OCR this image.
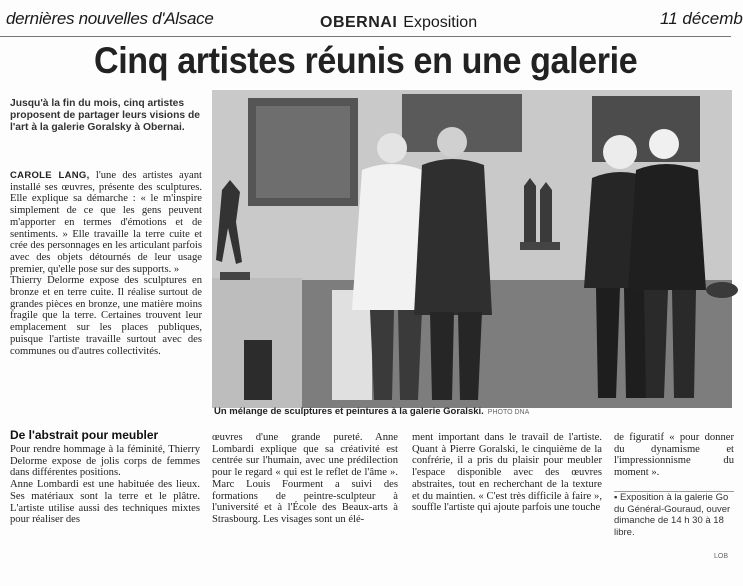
dernières nouvelles d'Alsace	OBERNAI Exposition	11 décemb
Cinq artistes réunis en une galerie
Jusqu'à la fin du mois, cinq artistes proposent de partager leurs visions de l'art à la galerie Goralsky à Obernai.

CAROLE LANG, l'une des artistes ayant installé ses œuvres, présente des sculptures. Elle explique sa démarche : « le m'inspire simplement de ce que les gens peuvent m'apporter en termes d'émotions et de sentiments. » Elle travaille la terre cuite et crée des personnages en les articulant parfois avec des objets détournés de leur usage premier, qu'elle pose sur des supports. »

Thierry Delorme expose des sculptures en bronze et en terre cuite. Il réalise surtout de grandes pièces en bronze, une matière moins fragile que la terre. Certaines trouvent leur emplacement sur les places publiques, puisque l'artiste travaille surtout avec des communes ou d'autres collectivités.

De l'abstrait pour meubler

Pour rendre hommage à la féminité, Thierry Delorme expose de jolis corps de femmes dans différentes positions.

Anne Lombardi est une habituée des lieux. Ses matériaux sont la terre et le plâtre. L'artiste utilise aussi des techniques mixtes pour réaliser des

Un mélange de sculptures et peintures à la galerie Goralski. PHOTO DNA

œuvres d'une grande pureté. Anne Lombardi explique que sa créativité est centrée sur l'humain, avec une prédilection pour le regard « qui est le reflet de l'âme ». Marc Louis Fourment a suivi des formations de peintre-sculpteur à l'université et à l'École des Beaux-arts à Strasbourg. Les visages sont un élé-

ment important dans le travail de l'artiste. Quant à Pierre Goralski, le cinquième de la confrérie, il a pris du plaisir pour meubler l'espace disponible avec des œuvres abstraites, tout en recherchant de la texture et du maintien. « C'est très difficile à faire », souffle l'artiste qui ajoute parfois une touche

de figuratif « pour donner du dynamisme et l'impressionnisme du moment ».

▪ Exposition à la galerie Go
du Général-Gouraud, ouver
dimanche de 14 h 30 à 18
libre.
LOB
